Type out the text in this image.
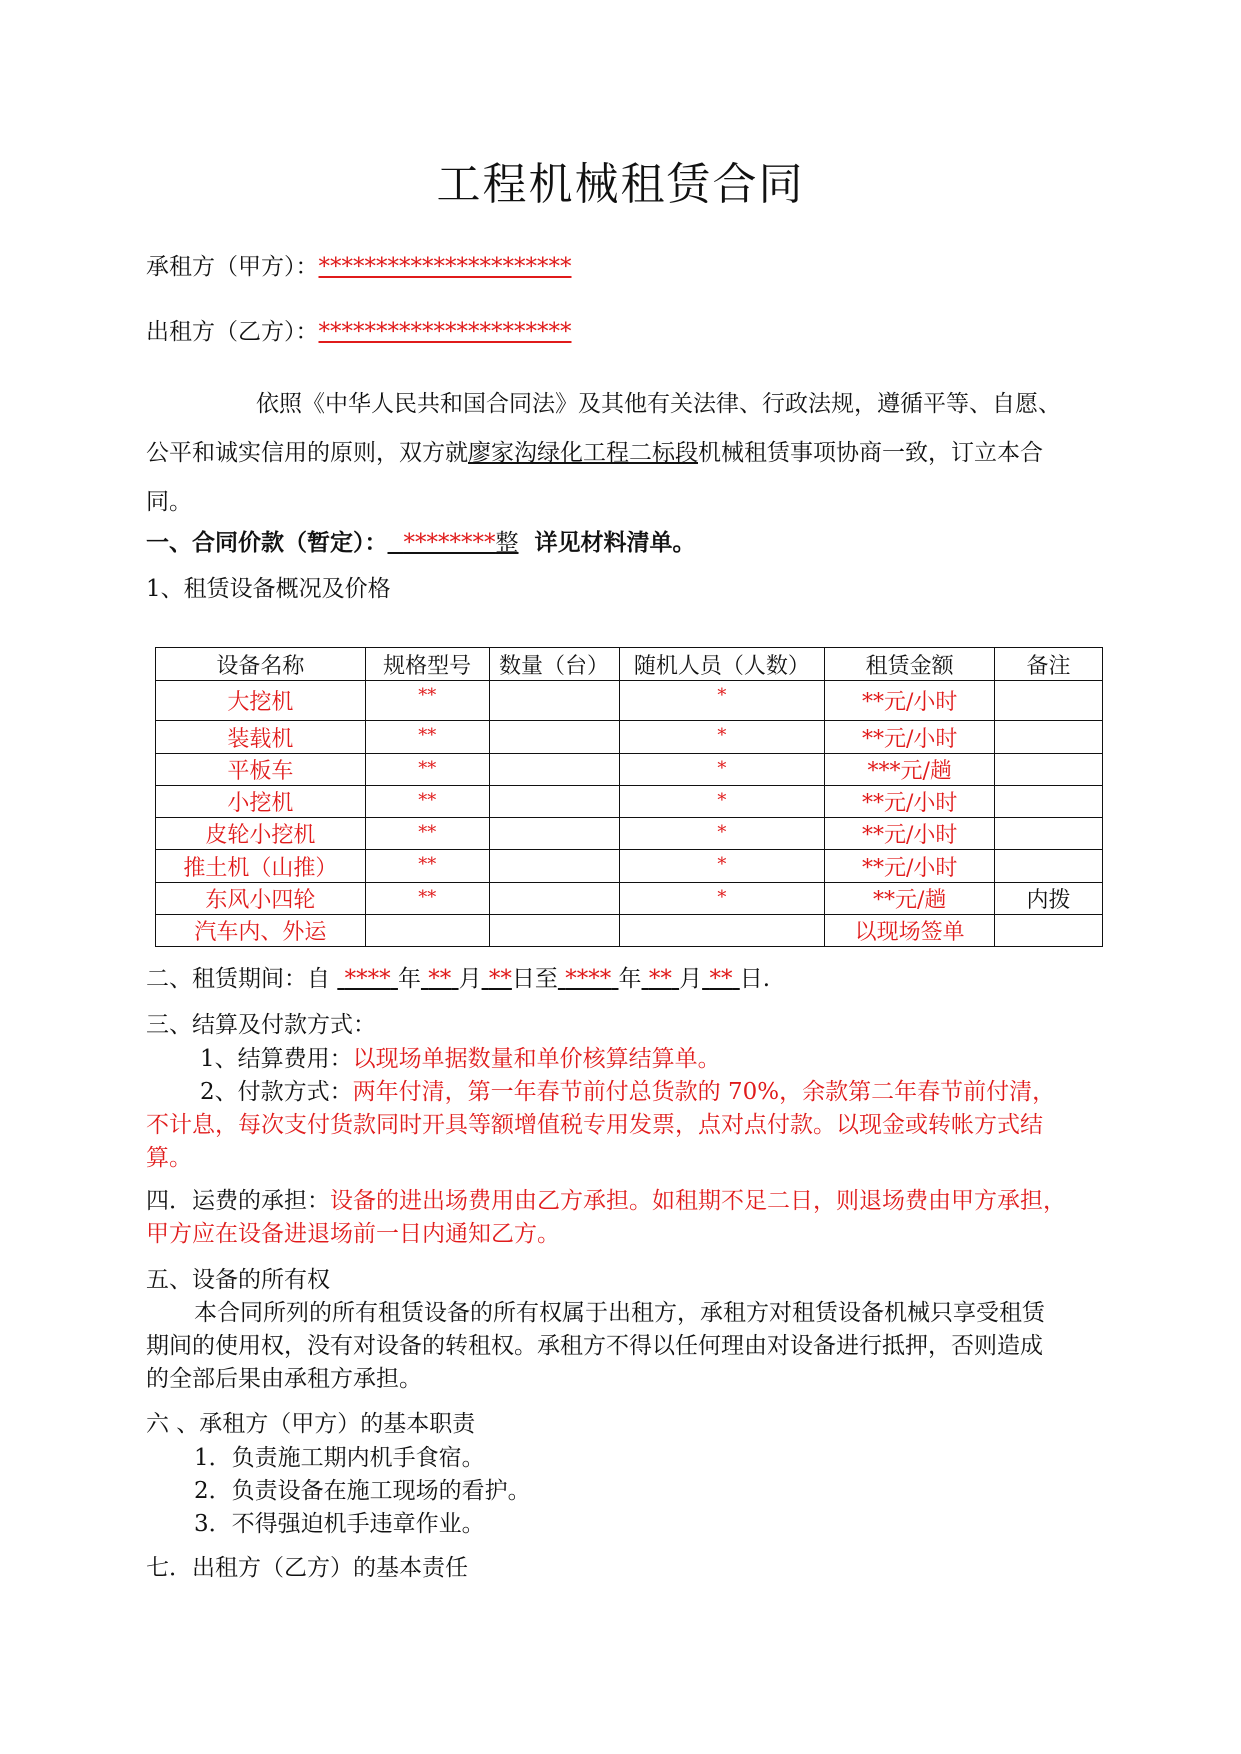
工程机械租赁合同
承租方（甲方）：**********************
出租方（乙方）：**********************
依照《中华人民共和国合同法》及其他有关法律、行政法规，遵循平等、自愿、
公平和诚实信用的原则，双方就廖家沟绿化工程二标段机械租赁事项协商一致，订立本合
同。
一、合同价款（暂定）： ********整 详见材料清单。
1、租赁设备概况及价格
设备名称	规格型号	数量（台）	随机人员（人数）	租赁金额	备注
大挖机	**		*	**元/小时	
装载机	**		*	**元/小时	
平板车	**		*	***元/趟	
小挖机	**		*	**元/小时	
皮轮小挖机	**		*	**元/小时	
推土机（山推）	**		*	**元/小时	
东风小四轮	**		*	**元/趟	内拨
汽车内、外运				以现场签单	
二、租赁期间：自 **** 年 ** 月 **日至 **** 年 ** 月 ** 日.
三、结算及付款方式：
1、结算费用：以现场单据数量和单价核算结算单。
2、付款方式：两年付清，第一年春节前付总货款的 70%，余款第二年春节前付清，
不计息，每次支付货款同时开具等额增值税专用发票，点对点付款。以现金或转帐方式结
算。
四．运费的承担：设备的进出场费用由乙方承担。如租期不足二日，则退场费由甲方承担，
甲方应在设备进退场前一日内通知乙方。
五、设备的所有权
本合同所列的所有租赁设备的所有权属于出租方，承租方对租赁设备机械只享受租赁
期间的使用权，没有对设备的转租权。承租方不得以任何理由对设备进行抵押，否则造成
的全部后果由承租方承担。
六 、承租方（甲方）的基本职责
1．负责施工期内机手食宿。
2．负责设备在施工现场的看护。
3．不得强迫机手违章作业。
七．出租方（乙方）的基本责任
